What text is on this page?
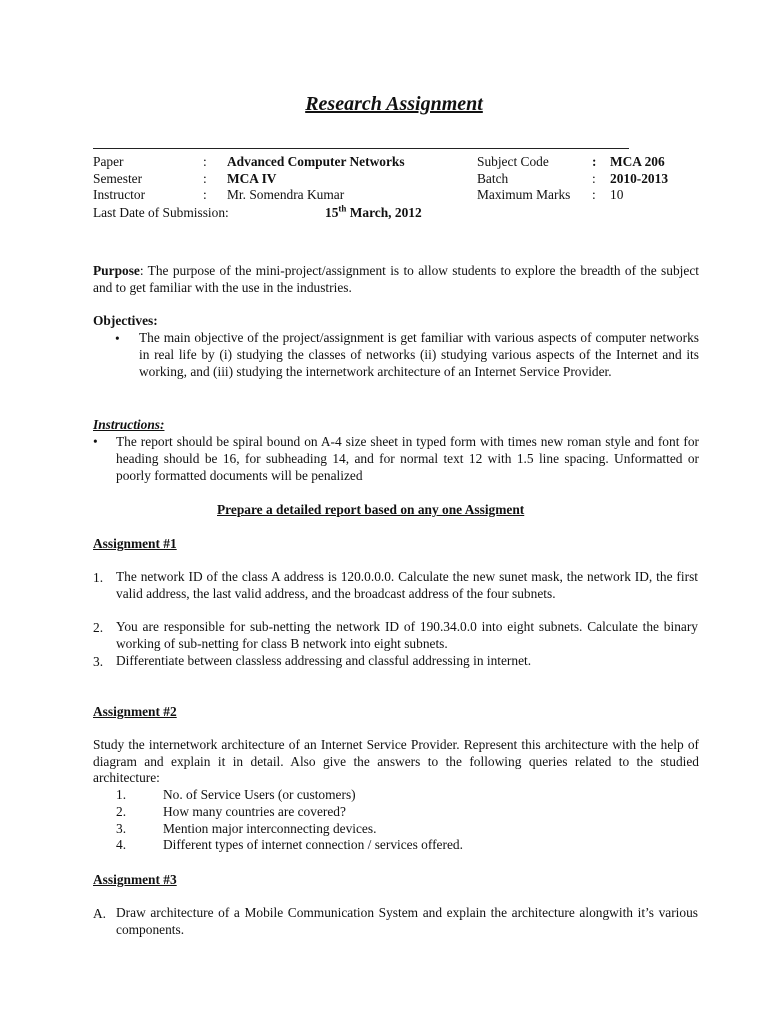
Research Assignment
Paper	: Advanced Computer Networks	Subject Code	: MCA 206
Semester	: MCA IV	Batch	: 2010-2013
Instructor	: Mr. Somendra Kumar	Maximum Marks : 10
Last Date of Submission:	15th March, 2012
Purpose: The purpose of the mini-project/assignment is to allow students to explore the breadth of the subject and to get familiar with the use in the industries.
Objectives:
• The main objective of the project/assignment is get familiar with various aspects of computer networks in real life by (i) studying the classes of networks (ii) studying various aspects of the Internet and its working, and (iii) studying the internetwork architecture of an Internet Service Provider.
Instructions:
• The report should be spiral bound on A-4 size sheet in typed form with times new roman style and font for heading should be 16, for subheading 14, and for normal text 12 with 1.5 line spacing. Unformatted or poorly formatted documents will be penalized
Prepare a detailed report based on any one Assigment
Assignment #1
1. The network ID of the class A address is 120.0.0.0. Calculate the new sunet mask, the network ID, the first valid address, the last valid address, and the broadcast address of the four subnets.
2. You are responsible for sub-netting the network ID of 190.34.0.0 into eight subnets. Calculate the binary working of sub-netting for class B network into eight subnets.
3. Differentiate between classless addressing and classful addressing in internet.
Assignment #2
Study the internetwork architecture of an Internet Service Provider. Represent this architecture with the help of diagram and explain it in detail. Also give the answers to the following queries related to the studied architecture:
1.	No. of Service Users (or customers)
2.	How many countries are covered?
3.	Mention major interconnecting devices.
4.	Different types of internet connection / services offered.
Assignment #3
A. Draw architecture of a Mobile Communication System and explain the architecture alongwith it’s various components.
